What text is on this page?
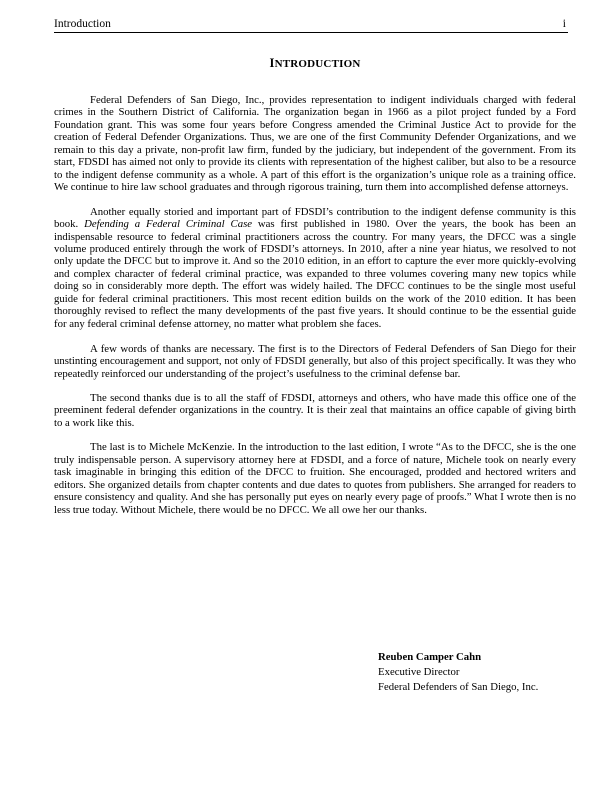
Introduction	i
INTRODUCTION

Federal Defenders of San Diego, Inc., provides representation to indigent individuals charged with federal crimes in the Southern District of California. The organization began in 1966 as a pilot project funded by a Ford Foundation grant. This was some four years before Congress amended the Criminal Justice Act to provide for the creation of Federal Defender Organizations. Thus, we are one of the first Community Defender Organizations, and we remain to this day a private, non-profit law firm, funded by the judiciary, but independent of the government. From its start, FDSDI has aimed not only to provide its clients with representation of the highest caliber, but also to be a resource to the indigent defense community as a whole. A part of this effort is the organization’s unique role as a training office. We continue to hire law school graduates and through rigorous training, turn them into accomplished defense attorneys.

Another equally storied and important part of FDSDI’s contribution to the indigent defense community is this book. Defending a Federal Criminal Case was first published in 1980. Over the years, the book has been an indispensable resource to federal criminal practitioners across the country. For many years, the DFCC was a single volume produced entirely through the work of FDSDI’s attorneys. In 2010, after a nine year hiatus, we resolved to not only update the DFCC but to improve it. And so the 2010 edition, in an effort to capture the ever more quickly-evolving and complex character of federal criminal practice, was expanded to three volumes covering many new topics while doing so in considerably more depth. The effort was widely hailed. The DFCC continues to be the single most useful guide for federal criminal practitioners. This most recent edition builds on the work of the 2010 edition. It has been thoroughly revised to reflect the many developments of the past five years. It should continue to be the essential guide for any federal criminal defense attorney, no matter what problem she faces.

A few words of thanks are necessary. The first is to the Directors of Federal Defenders of San Diego for their unstinting encouragement and support, not only of FDSDI generally, but also of this project specifically. It was they who repeatedly reinforced our understanding of the project’s usefulness to the criminal defense bar.

The second thanks due is to all the staff of FDSDI, attorneys and others, who have made this office one of the preeminent federal defender organizations in the country. It is their zeal that maintains an office capable of giving birth to a work like this.

The last is to Michele McKenzie. In the introduction to the last edition, I wrote “As to the DFCC, she is the one truly indispensable person. A supervisory attorney here at FDSDI, and a force of nature, Michele took on nearly every task imaginable in bringing this edition of the DFCC to fruition. She encouraged, prodded and hectored writers and editors. She organized details from chapter contents and due dates to quotes from publishers. She arranged for readers to ensure consistency and quality. And she has personally put eyes on nearly every page of proofs.” What I wrote then is no less true today. Without Michele, there would be no DFCC. We all owe her our thanks.

Reuben Camper Cahn
Executive Director
Federal Defenders of San Diego, Inc.
